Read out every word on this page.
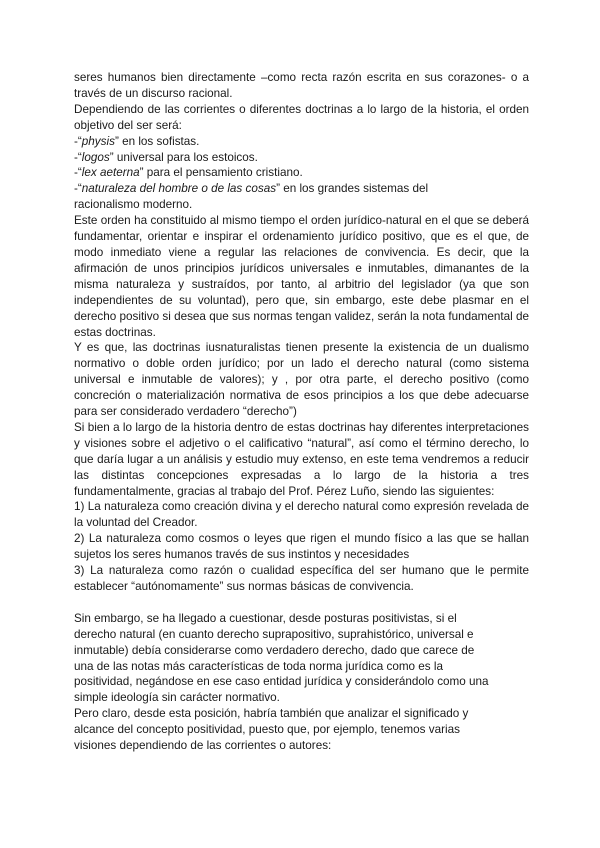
seres humanos bien directamente –como recta razón escrita en sus corazones- o a través de un discurso racional.

Dependiendo de las corrientes o diferentes doctrinas a lo largo de la historia, el orden objetivo del ser será:

-“physis” en los sofistas.

-“logos” universal para los estoicos.

-“lex aeterna” para el pensamiento cristiano.

-“naturaleza del hombre o de las cosas” en los grandes sistemas del racionalismo moderno.

Este orden ha constituido al mismo tiempo el orden jurídico-natural en el que se deberá fundamentar, orientar e inspirar el ordenamiento jurídico positivo, que es el que, de modo inmediato viene a regular las relaciones de convivencia. Es decir, que la afirmación de unos principios jurídicos universales e inmutables, dimanantes de la misma naturaleza y sustraídos, por tanto, al arbitrio del legislador (ya que son independientes de su voluntad), pero que, sin embargo, este debe plasmar en el derecho positivo si desea que sus normas tengan validez, serán la nota fundamental de estas doctrinas.

Y es que, las doctrinas iusnaturalistas tienen presente la existencia de un dualismo normativo o doble orden jurídico; por un lado el derecho natural (como sistema universal e inmutable de valores); y , por otra parte, el derecho positivo (como concreción o materialización normativa de esos principios a los que debe adecuarse para ser considerado verdadero “derecho”)

Si bien a lo largo de la historia dentro de estas doctrinas hay diferentes interpretaciones y visiones sobre el adjetivo o el calificativo “natural”, así como el término derecho, lo que daría lugar a un análisis y estudio muy extenso, en este tema vendremos a reducir las distintas concepciones expresadas a lo largo de la historia a tres fundamentalmente, gracias al trabajo del Prof. Pérez Luño, siendo las siguientes:

1) La naturaleza como creación divina y el derecho natural como expresión revelada de la voluntad del Creador.

2) La naturaleza como cosmos o leyes que rigen el mundo físico a las que se hallan sujetos los seres humanos través de sus instintos y necesidades

3) La naturaleza como razón o cualidad específica del ser humano que le permite establecer “autónomamente” sus normas básicas de convivencia.

Sin embargo, se ha llegado a cuestionar, desde posturas positivistas, si el derecho natural (en cuanto derecho suprapositivo, suprahistórico, universal e inmutable) debía considerarse como verdadero derecho, dado que carece de una de las notas más características de toda norma jurídica como es la positividad, negándose en ese caso entidad jurídica y considerándolo como una simple ideología sin carácter normativo.

Pero claro, desde esta posición, habría también que analizar el significado y alcance del concepto positividad, puesto que, por ejemplo, tenemos varias visiones dependiendo de las corrientes o autores:
